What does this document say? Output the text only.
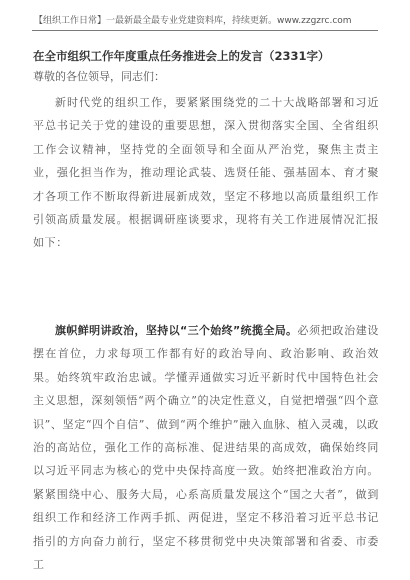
【组织工作日常】一最新最全最专业党建资料库，持续更新。www.zzgzrc.com
在全市组织工作年度重点任务推进会上的发言（2331字）
尊敬的各位领导，同志们：

新时代党的组织工作，要紧紧围绕党的二十大战略部署和习近平总书记关于党的建设的重要思想，深入贯彻落实全国、全省组织工作会议精神，坚持党的全面领导和全面从严治党，聚焦主责主业，强化担当作为，推动理论武装、选贤任能、强基固本、育才聚才各项工作不断取得新进展新成效，坚定不移地以高质量组织工作引领高质量发展。根据调研座谈要求，现将有关工作进展情况汇报如下：

旗帜鲜明讲政治，坚持以“三个始终”统揽全局。必须把政治建设摆在首位，力求每项工作都有好的政治导向、政治影响、政治效果。始终筑牢政治忠诚。学懂弄通做实习近平新时代中国特色社会主义思想，深刻领悟“两个确立”的决定性意义，自觉把增强“四个意识”、坚定“四个自信”、做到“两个维护”融入血脉、植入灵魂，以政治的高站位，强化工作的高标准、促进结果的高成效，确保始终同以习近平同志为核心的党中央保持高度一致。始终把准政治方向。紧紧围绕中心、服务大局，心系高质量发展这个“国之大者”，做到组织工作和经济工作两手抓、两促进，坚定不移沿着习近平总书记指引的方向奋力前行，坚定不移贯彻党中央决策部署和省委、市委工
